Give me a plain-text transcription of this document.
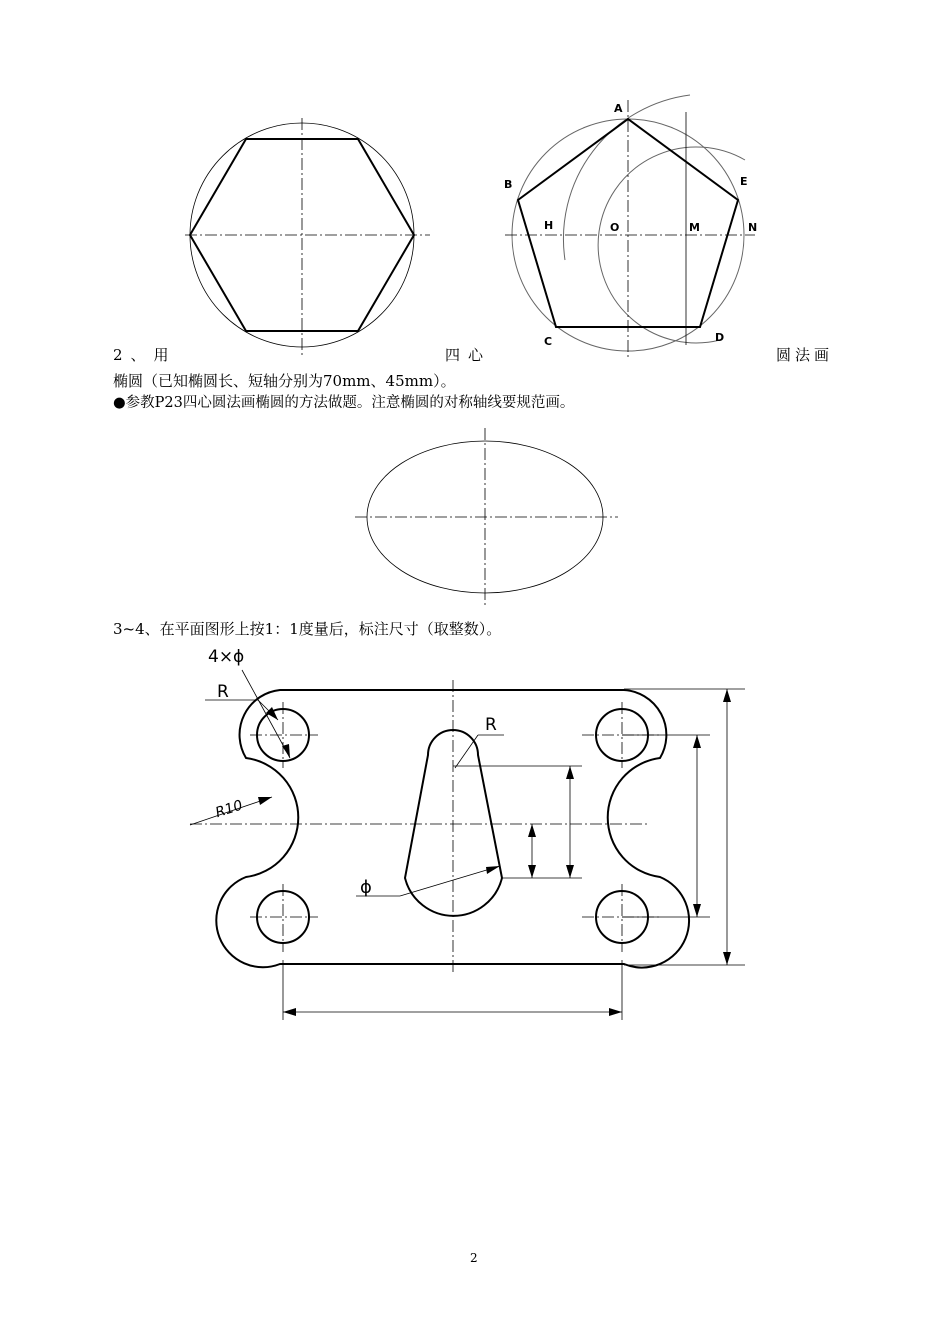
A
B
C	D
E
H	O	M	N
2、用	四心	圆法画
椭圆（已知椭圆长、短轴分别为70mm、45mm）。
●参教P23四心圆法画椭圆的方法做题。注意椭圆的对称轴线要规范画。
3~4、在平面图形上按1：1度量后，标注尺寸（取整数）。
4×ϕ
R
R
R10
ϕ
2
